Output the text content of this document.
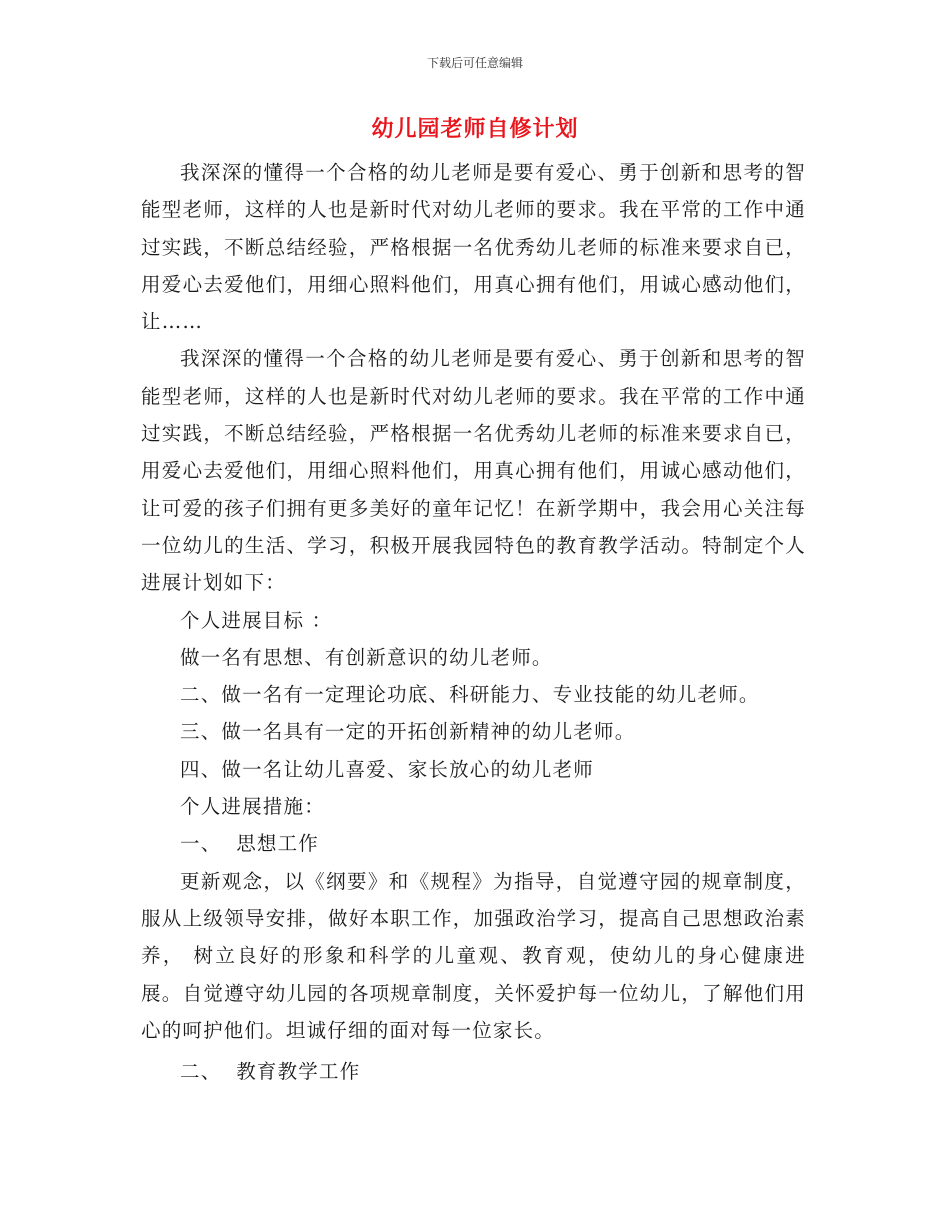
下载后可任意编辑
幼儿园老师自修计划

我深深的懂得一个合格的幼儿老师是要有爱心、勇于创新和思考的智能型老师，这样的人也是新时代对幼儿老师的要求。我在平常的工作中通过实践，不断总结经验，严格根据一名优秀幼儿老师的标准来要求自已，用爱心去爱他们，用细心照料他们，用真心拥有他们，用诚心感动他们，让……

我深深的懂得一个合格的幼儿老师是要有爱心、勇于创新和思考的智能型老师，这样的人也是新时代对幼儿老师的要求。我在平常的工作中通过实践，不断总结经验，严格根据一名优秀幼儿老师的标准来要求自已，用爱心去爱他们，用细心照料他们，用真心拥有他们，用诚心感动他们，让可爱的孩子们拥有更多美好的童年记忆！在新学期中，我会用心关注每一位幼儿的生活、学习，积极开展我园特色的教育教学活动。特制定个人进展计划如下：

个人进展目标 ：

做一名有思想、有创新意识的幼儿老师。

二、做一名有一定理论功底、科研能力、专业技能的幼儿老师。

三、做一名具有一定的开拓创新精神的幼儿老师。

四、做一名让幼儿喜爱、家长放心的幼儿老师

个人进展措施：

一、  思想工作

更新观念，以《纲要》和《规程》为指导，自觉遵守园的规章制度，服从上级领导安排，做好本职工作，加强政治学习，提高自己思想政治素养， 树立良好的形象和科学的儿童观、教育观，使幼儿的身心健康进展。自觉遵守幼儿园的各项规章制度，关怀爱护每一位幼儿，了解他们用心的呵护他们。坦诚仔细的面对每一位家长。

二、  教育教学工作
